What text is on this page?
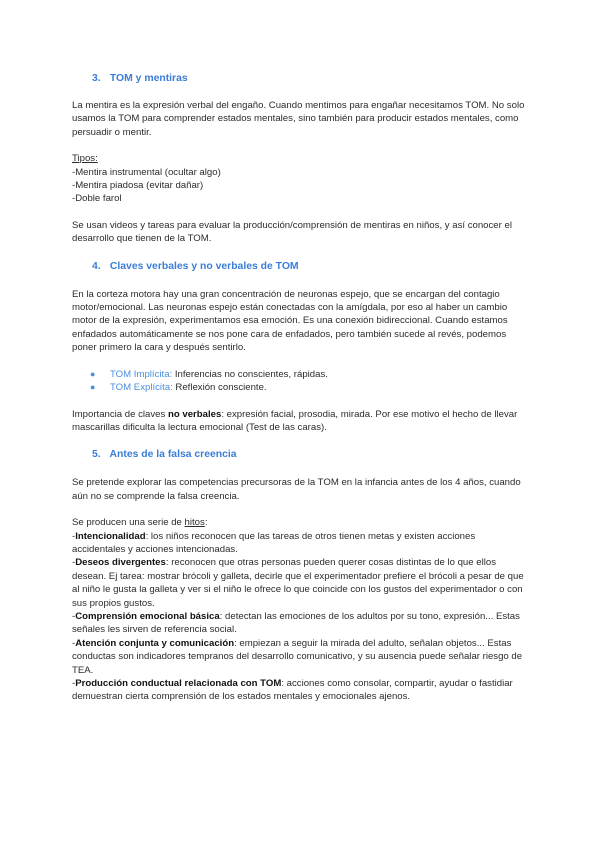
3. TOM y mentiras

La mentira es la expresión verbal del engaño. Cuando mentimos para engañar necesitamos TOM. No solo usamos la TOM para comprender estados mentales, sino también para producir estados mentales, como persuadir o mentir.

Tipos:

-Mentira instrumental (ocultar algo)

-Mentira piadosa (evitar dañar)

-Doble farol

Se usan videos y tareas para evaluar la producción/comprensión de mentiras en niños, y así conocer el desarrollo que tienen de la TOM.

4. Claves verbales y no verbales de TOM

En la corteza motora hay una gran concentración de neuronas espejo, que se encargan del contagio motor/emocional. Las neuronas espejo están conectadas con la amígdala, por eso al haber un cambio motor de la expresión, experimentamos esa emoción. Es una conexión bidireccional. Cuando estamos enfadados automáticamente se nos pone cara de enfadados, pero también sucede al revés, podemos poner primero la cara y después sentirlo.

● TOM Implícita: Inferencias no conscientes, rápidas.
● TOM Explícita: Reflexión consciente.

Importancia de claves no verbales: expresión facial, prosodia, mirada. Por ese motivo el hecho de llevar mascarillas dificulta la lectura emocional (Test de las caras).

5. Antes de la falsa creencia

Se pretende explorar las competencias precursoras de la TOM en la infancia antes de los 4 años, cuando aún no se comprende la falsa creencia.

Se producen una serie de hitos:

-Intencionalidad: los niños reconocen que las tareas de otros tienen metas y existen acciones accidentales y acciones intencionadas.

-Deseos divergentes: reconocen que otras personas pueden querer cosas distintas de lo que ellos desean. Ej tarea: mostrar brócoli y galleta, decirle que el experimentador prefiere el brócoli a pesar de que al niño le gusta la galleta y ver si el niño le ofrece lo que coincide con los gustos del experimentador o con sus propios gustos.

-Comprensión emocional básica: detectan las emociones de los adultos por su tono, expresión... Estas señales les sirven de referencia social.

-Atención conjunta y comunicación: empiezan a seguir la mirada del adulto, señalan objetos... Estas conductas son indicadores tempranos del desarrollo comunicativo, y su ausencia puede señalar riesgo de TEA.

-Producción conductual relacionada con TOM: acciones como consolar, compartir, ayudar o fastidiar demuestran cierta comprensión de los estados mentales y emocionales ajenos.
